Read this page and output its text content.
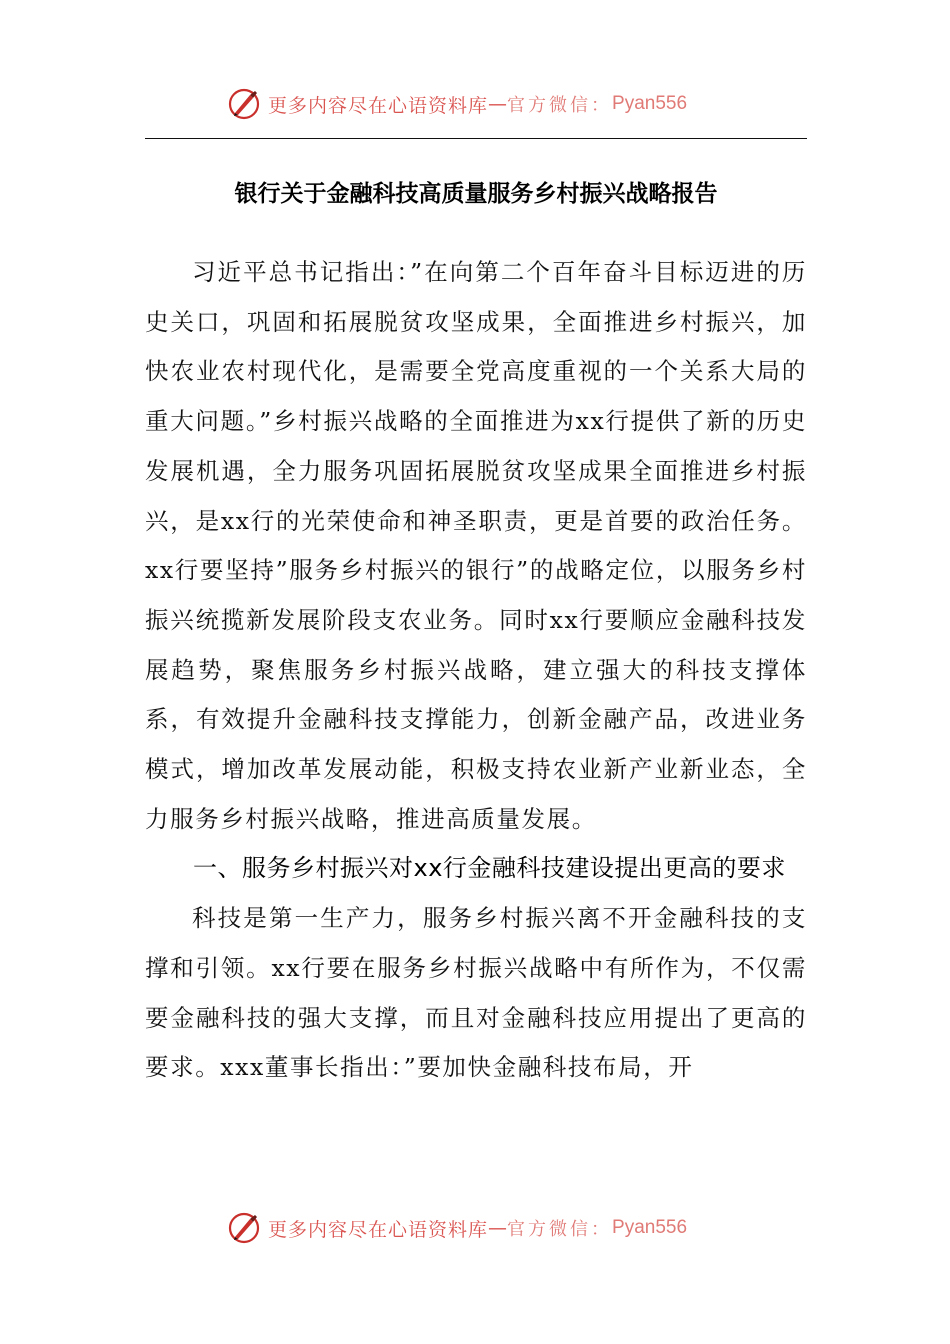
更多内容尽在心语资料库 — 官方微信： Pyan556
银行关于金融科技高质量服务乡村振兴战略报告

习近平总书记指出：”在向第二个百年奋斗目标迈进的历史关口，巩固和拓展脱贫攻坚成果，全面推进乡村振兴，加快农业农村现代化，是需要全党高度重视的一个关系大局的重大问题。”乡村振兴战略的全面推进为xx行提供了新的历史发展机遇，全力服务巩固拓展脱贫攻坚成果全面推进乡村振兴，是xx行的光荣使命和神圣职责，更是首要的政治任务。xx行要坚持”服务乡村振兴的银行”的战略定位，以服务乡村振兴统揽新发展阶段支农业务。同时xx行要顺应金融科技发展趋势，聚焦服务乡村振兴战略，建立强大的科技支撑体系，有效提升金融科技支撑能力，创新金融产品，改进业务模式，增加改革发展动能，积极支持农业新产业新业态，全力服务乡村振兴战略，推进高质量发展。

一、服务乡村振兴对xx行金融科技建设提出更高的要求

科技是第一生产力，服务乡村振兴离不开金融科技的支撑和引领。xx行要在服务乡村振兴战略中有所作为，不仅需要金融科技的强大支撑，而且对金融科技应用提出了更高的要求。xxx董事长指出：”要加快金融科技布局，开

更多内容尽在心语资料库 — 官方微信： Pyan556
